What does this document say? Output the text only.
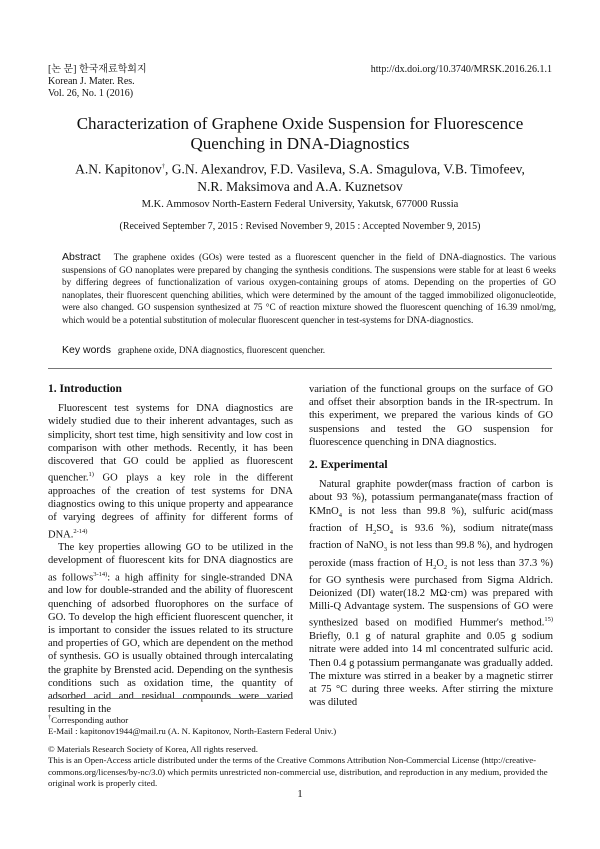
[논 문] 한국재료학회지
Korean J. Mater. Res.
Vol. 26, No. 1 (2016)
http://dx.doi.org/10.3740/MRSK.2016.26.1.1
Characterization of Graphene Oxide Suspension for Fluorescence
Quenching in DNA-Diagnostics
A.N. Kapitonov†, G.N. Alexandrov, F.D. Vasileva, S.A. Smagulova, V.B. Timofeev,
N.R. Maksimova and A.A. Kuznetsov
M.K. Ammosov North-Eastern Federal University, Yakutsk, 677000 Russia
(Received September 7, 2015 : Revised November 9, 2015 : Accepted November 9, 2015)
Abstract The graphene oxides (GOs) were tested as a fluorescent quencher in the field of DNA-diagnostics. The various suspensions of GO nanoplates were prepared by changing the synthesis conditions. The suspensions were stable for at least 6 weeks by differing degrees of functionalization of various oxygen-containing groups of atoms. Depending on the properties of GO nanoplates, their fluorescent quenching abilities, which were determined by the amount of the tagged immobilized oligonucleotide, were also changed. GO suspension synthesized at 75 °C of reaction mixture showed the fluorescent quenching of 16.39 nmol/mg, which would be a potential substitution of molecular fluorescent quencher in test-systems for DNA-diagnostics.
Key words graphene oxide, DNA diagnostics, fluorescent quencher.
1. Introduction

Fluorescent test systems for DNA diagnostics are widely studied due to their inherent advantages, such as simplicity, short test time, high sensitivity and low cost in comparison with other methods. Recently, it has been discovered that GO could be applied as fluorescent quencher.$^{1)}$ GO plays a key role in the different approaches of the creation of test systems for DNA diagnostics owing to this unique property and appearance of varying degrees of affinity for different forms of DNA.$^{2-14)}$

The key properties allowing GO to be utilized in the development of fluorescent kits for DNA diagnostics are as follows$^{3-14)}$: a high affinity for single-stranded DNA and low for double-stranded and the ability of fluorescent quenching of adsorbed fluorophores on the surface of GO. To develop the high efficient fluorescent quencher, it is important to consider the issues related to its structure and properties of GO, which are dependent on the method of synthesis. GO is usually obtained through intercalating the graphite by Brensted acid. Depending on the synthesis conditions such as oxidation time, the quantity of adsorbed acid and residual compounds were varied resulting in the

variation of the functional groups on the surface of GO and offset their absorption bands in the IR-spectrum. In this experiment, we prepared the various kinds of GO suspensions and tested the GO suspension for fluorescence quenching in DNA diagnostics.

2. Experimental

Natural graphite powder(mass fraction of carbon is about 93 %), potassium permanganate(mass fraction of KMnO$_4$ is not less than 99.8 %), sulfuric acid(mass fraction of $H_2SO_4$ is 93.6 %), sodium nitrate(mass fraction of NaNO$_3$ is not less than 99.8 %), and hydrogen peroxide (mass fraction of $H_2O_2$ is not less than 37.3 %) for GO synthesis were purchased from Sigma Aldrich. Deionized (DI) water(18.2 MΩ·cm) was prepared with Milli-Q Advantage system. The suspensions of GO were synthesized based on modified Hummer's method.$^{15)}$ Briefly, 0.1 g of natural graphite and 0.05 g sodium nitrate were added into 14 ml concentrated sulfuric acid. Then 0.4 g potassium permanganate was gradually added. The mixture was stirred in a beaker by a magnetic stirrer at 75 °C during three weeks. After stirring the mixture was diluted

†Corresponding author

E-Mail : kapitonov1944@mail.ru (A. N. Kapitonov, North-Eastern Federal Univ.)

© Materials Research Society of Korea, All rights reserved.

This is an Open-Access article distributed under the terms of the Creative Commons Attribution Non-Commercial License (http://creative-commons.org/licenses/by-nc/3.0) which permits unrestricted non-commercial use, distribution, and reproduction in any medium, provided the original work is properly cited.

1
